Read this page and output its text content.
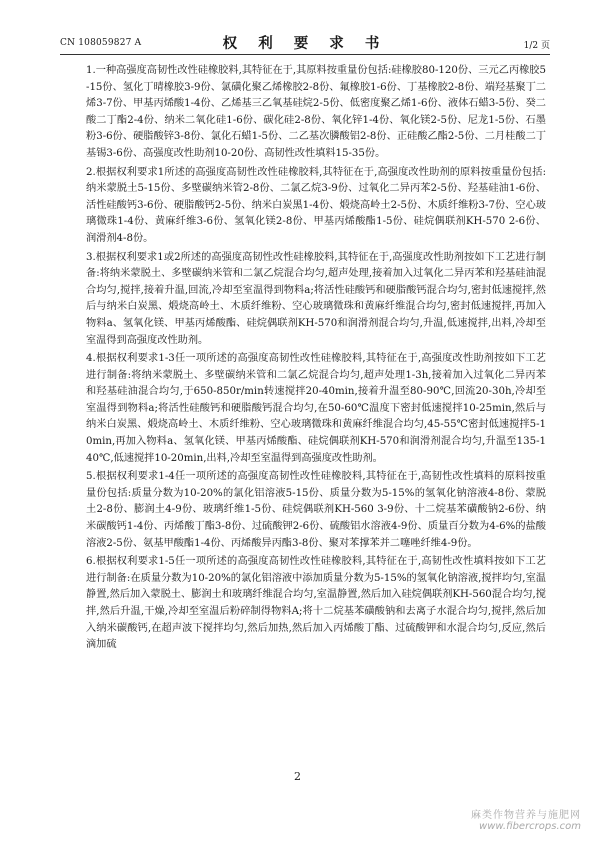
CN 108059827 A	权 利 要 求 书	1/2 页

1.一种高强度高韧性改性硅橡胶料,其特征在于,其原料按重量份包括:硅橡胶80-120份、三元乙丙橡胶5-15份、氢化丁晴橡胶3-9份、氯磺化聚乙烯橡胶2-8份、氟橡胶1-6份、丁基橡胶2-8份、端羟基聚丁二烯3-7份、甲基丙烯酸1-4份、乙烯基三乙氧基硅烷2-5份、低密度聚乙烯1-6份、液体石蜡3-5份、癸二酸二丁酯2-4份、纳米二氧化硅1-6份、碳化硅2-8份、氧化锌1-4份、氧化镁2-5份、尼龙1-5份、石墨粉3-6份、硬脂酸锌3-8份、氯化石蜡1-5份、二乙基次膦酸铝2-8份、正硅酸乙酯2-5份、二月桂酸二丁基锡3-6份、高强度改性助剂10-20份、高韧性改性填料15-35份。

2.根据权利要求1所述的高强度高韧性改性硅橡胶料,其特征在于,高强度改性助剂的原料按重量份包括:纳米蒙脱土5-15份、多壁碳纳米管2-8份、二氯乙烷3-9份、过氧化二异丙苯2-5份、羟基硅油1-6份、活性硅酸钙3-6份、硬脂酸钙2-5份、纳米白炭黑1-4份、煅烧高岭土2-5份、木质纤维粉3-7份、空心玻璃微珠1-4份、黄麻纤维3-6份、氢氧化镁2-8份、甲基丙烯酸酯1-5份、硅烷偶联剂KH-570 2-6份、润滑剂4-8份。

3.根据权利要求1或2所述的高强度高韧性改性硅橡胶料,其特征在于,高强度改性助剂按如下工艺进行制备:将纳米蒙脱土、多壁碳纳米管和二氯乙烷混合均匀,超声处理,接着加入过氧化二异丙苯和羟基硅油混合均匀,搅拌,接着升温,回流,冷却至室温得到物料a;将活性硅酸钙和硬脂酸钙混合均匀,密封低速搅拌,然后与纳米白炭黑、煅烧高岭土、木质纤维粉、空心玻璃微珠和黄麻纤维混合均匀,密封低速搅拌,再加入物料a、氢氧化镁、甲基丙烯酸酯、硅烷偶联剂KH-570和润滑剂混合均匀,升温,低速搅拌,出料,冷却至室温得到高强度改性助剂。

4.根据权利要求1-3任一项所述的高强度高韧性改性硅橡胶料,其特征在于,高强度改性助剂按如下工艺进行制备:将纳米蒙脱土、多壁碳纳米管和二氯乙烷混合均匀,超声处理1-3h,接着加入过氧化二异丙苯和羟基硅油混合均匀,于650-850r/min转速搅拌20-40min,接着升温至80-90℃,回流20-30h,冷却至室温得到物料a;将活性硅酸钙和硬脂酸钙混合均匀,在50-60℃温度下密封低速搅拌10-25min,然后与纳米白炭黑、煅烧高岭土、木质纤维粉、空心玻璃微珠和黄麻纤维混合均匀,45-55℃密封低速搅拌5-10min,再加入物料a、氢氧化镁、甲基丙烯酸酯、硅烷偶联剂KH-570和润滑剂混合均匀,升温至135-140℃,低速搅拌10-20min,出料,冷却至室温得到高强度改性助剂。

5.根据权利要求1-4任一项所述的高强度高韧性改性硅橡胶料,其特征在于,高韧性改性填料的原料按重量份包括:质量分数为10-20%的氯化铝溶液5-15份、质量分数为5-15%的氢氧化钠溶液4-8份、蒙脱土2-8份、膨润土4-9份、玻璃纤维1-5份、硅烷偶联剂KH-560 3-9份、十二烷基苯磺酸钠2-6份、纳米碳酸钙1-4份、丙烯酸丁酯3-8份、过硫酸钾2-6份、硫酸铝水溶液4-9份、质量百分数为4-6%的盐酸溶液2-5份、氨基甲酸酯1-4份、丙烯酸异丙酯3-8份、聚对苯撑苯并二噻唑纤维4-9份。

6.根据权利要求1-5任一项所述的高强度高韧性改性硅橡胶料,其特征在于,高韧性改性填料按如下工艺进行制备:在质量分数为10-20%的氯化铝溶液中添加质量分数为5-15%的氢氧化钠溶液,搅拌均匀,室温静置,然后加入蒙脱土、膨润土和玻璃纤维混合均匀,室温静置,然后加入硅烷偶联剂KH-560混合均匀,搅拌,然后升温,干燥,冷却至室温后粉碎制得物料A;将十二烷基苯磺酸钠和去离子水混合均匀,搅拌,然后加入纳米碳酸钙,在超声波下搅拌均匀,然后加热,然后加入丙烯酸丁酯、过硫酸钾和水混合均匀,反应,然后滴加硫

2
麻类作物营养与施肥网
www.fibercrops.com
